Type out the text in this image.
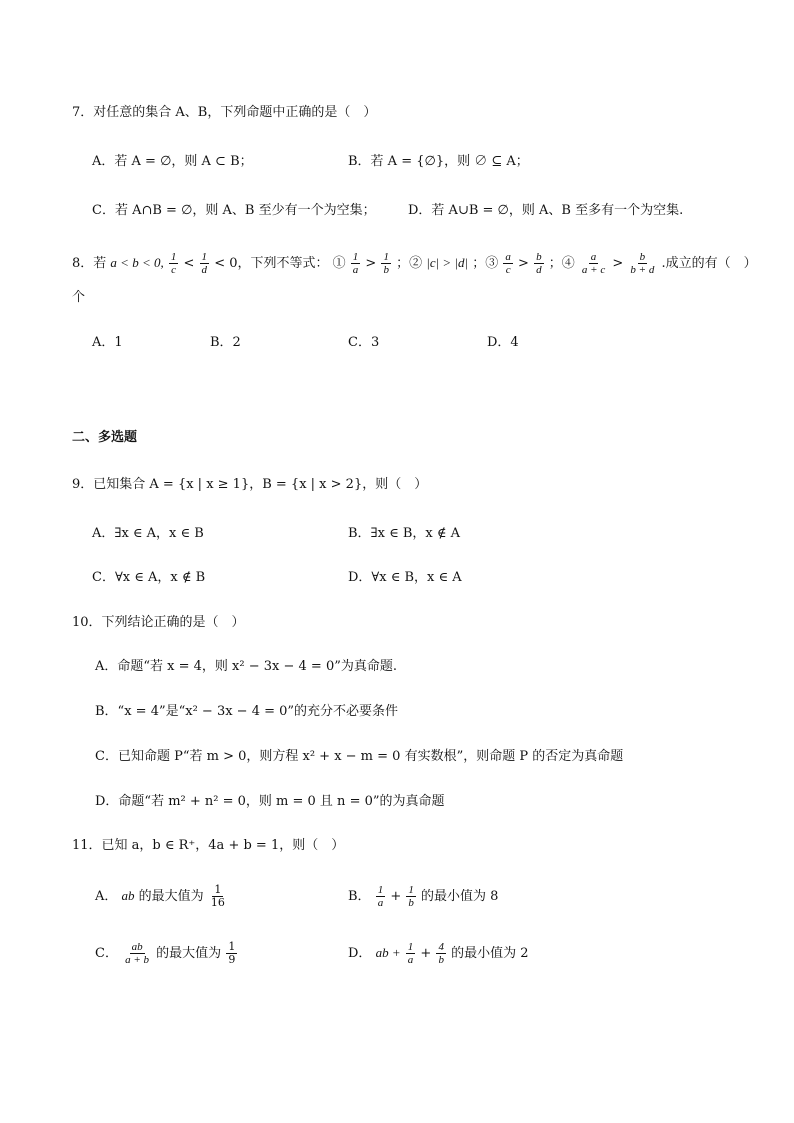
7．对任意的集合 A、B，下列命题中正确的是（　）
A．若 A = ∅，则 A ⊂ B；	B．若 A = {∅}，则 ∅ ⊆ A；
C．若 A∩B = ∅，则 A、B 至少有一个为空集； D．若 A∪B = ∅，则 A、B 至多有一个为空集.
8．若 a < b < 0, $\frac{1}{c} < \frac{1}{d} < 0$，下列不等式： ① $\frac{1}{a} > \frac{1}{b}$ ；② |c| > |d| ；③ $\frac{a}{c} > \frac{b}{d}$ ；④ $\frac{a}{a + c} > \frac{b}{b + d}$ .成立的有（　）
个
A．1	B．2	C．3	D．4
二、多选题
9．已知集合 A = {x | x ≥ 1}，B = {x | x > 2}，则（　）
A．∃x ∈ A，x ∈ B	B．∃x ∈ B，x ∉ A
C．∀x ∈ A，x ∉ B	D．∀x ∈ B，x ∈ A
10．下列结论正确的是（　）
A．命题“若 x = 4，则 x² − 3x − 4 = 0”为真命题.
B．“x = 4”是“x² − 3x − 4 = 0”的充分不必要条件
C．已知命题 P“若 m > 0，则方程 x² + x − m = 0 有实数根”，则命题 P 的否定为真命题
D．命题“若 m² + n² = 0，则 m = 0 且 n = 0”的为真命题
11．已知 a，b ∈ R⁺，4a + b = 1，则（　）
A． ab 的最大值为 $\frac{1}{16}$	B． $\frac{1}{a} + \frac{1}{b}$ 的最小值为 8
C． $\frac{ab}{a + b}$ 的最大值为 $\frac{1}{9}$	D． ab + $\frac{1}{a} + \frac{4}{b}$ 的最小值为 2
